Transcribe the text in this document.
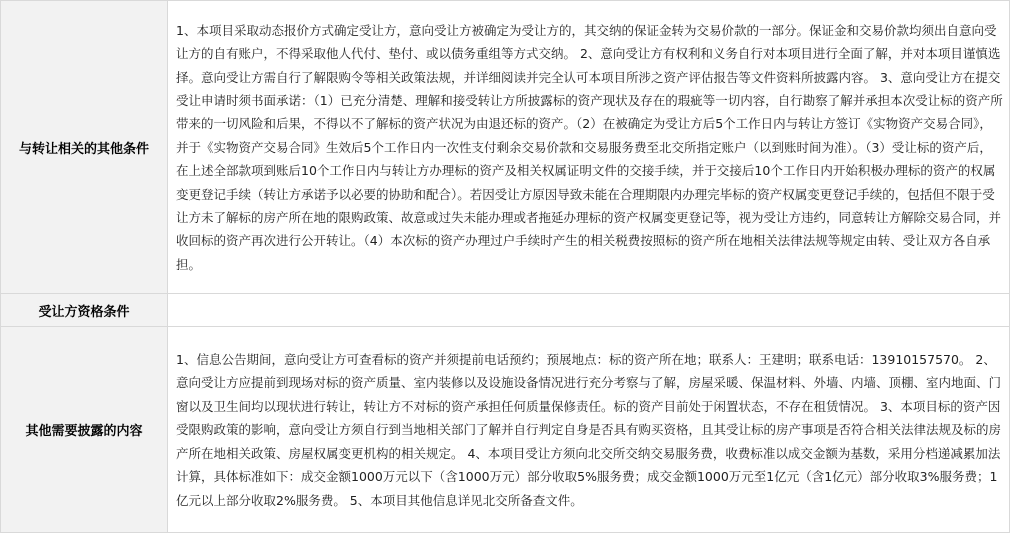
与转让相关的其他条件	1、本项目采取动态报价方式确定受让方，意向受让方被确定为受让方的，其交纳的保证金转为交易价款的一部分。保证金和交易价款均须出自意向受让方的自有账户，不得采取他人代付、垫付、或以债务重组等方式交纳。 2、意向受让方有权利和义务自行对本项目进行全面了解，并对本项目谨慎选择。意向受让方需自行了解限购令等相关政策法规，并详细阅读并完全认可本项目所涉之资产评估报告等文件资料所披露内容。 3、意向受让方在提交受让申请时须书面承诺：（1）已充分清楚、理解和接受转让方所披露标的资产现状及存在的瑕疵等一切内容，自行勘察了解并承担本次受让标的资产所带来的一切风险和后果，不得以不了解标的资产状况为由退还标的资产。（2）在被确定为受让方后5个工作日内与转让方签订《实物资产交易合同》，并于《实物资产交易合同》生效后5个工作日内一次性支付剩余交易价款和交易服务费至北交所指定账户（以到账时间为准）。（3）受让标的资产后，在上述全部款项到账后10个工作日内与转让方办理标的资产及相关权属证明文件的交接手续，并于交接后10个工作日内开始积极办理标的资产的权属变更登记手续（转让方承诺予以必要的协助和配合）。若因受让方原因导致未能在合理期限内办理完毕标的资产权属变更登记手续的，包括但不限于受让方未了解标的房产所在地的限购政策、故意或过失未能办理或者拖延办理标的资产权属变更登记等，视为受让方违约，同意转让方解除交易合同，并收回标的资产再次进行公开转让。（4）本次标的资产办理过户手续时产生的相关税费按照标的资产所在地相关法律法规等规定由转、受让双方各自承担。
受让方资格条件	
其他需要披露的内容	1、信息公告期间，意向受让方可查看标的资产并须提前电话预约；预展地点：标的资产所在地；联系人：王建明；联系电话：13910157570。 2、意向受让方应提前到现场对标的资产质量、室内装修以及设施设备情况进行充分考察与了解，房屋采暖、保温材料、外墙、内墙、顶棚、室内地面、门窗以及卫生间均以现状进行转让，转让方不对标的资产承担任何质量保修责任。标的资产目前处于闲置状态，不存在租赁情况。 3、本项目标的资产因受限购政策的影响，意向受让方须自行到当地相关部门了解并自行判定自身是否具有购买资格，且其受让标的房产事项是否符合相关法律法规及标的房产所在地相关政策、房屋权属变更机构的相关规定。 4、本项目受让方须向北交所交纳交易服务费，收费标准以成交金额为基数，采用分档递减累加法计算，具体标准如下：成交金额1000万元以下（含1000万元）部分收取5%服务费；成交金额1000万元至1亿元（含1亿元）部分收取3%服务费；1亿元以上部分收取2%服务费。 5、本项目其他信息详见北交所备查文件。
